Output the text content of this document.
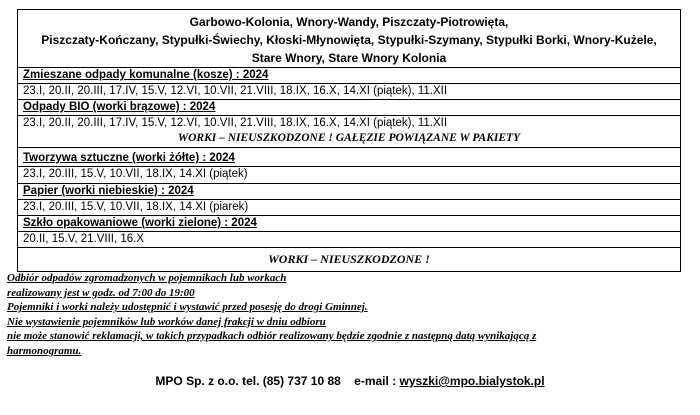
Garbowo-Kolonia, Wnory-Wandy, Piszczaty-Piotrowięta,
Piszczaty-Kończany, Stypułki-Świechy, Kłoski-Młynowięta, Stypułki-Szymany, Stypułki Borki, Wnory-Kużele,
Stare Wnory, Stare Wnory Kolonia
Zmieszane odpady komunalne (kosze) : 2024
23.I, 20.II, 20.III, 17.IV, 15.V, 12.VI, 10.VII, 21.VIII, 18.IX, 16.X, 14.XI (piątek), 11.XII
Odpady BIO (worki brązowe) : 2024
23.I, 20.II, 20.III, 17.IV, 15.V, 12.VI, 10.VII, 21.VIII, 18.IX, 16.X, 14.XI (piątek), 11.XII
WORKI – NIEUSZKODZONE ! GAŁĘZIE POWIĄZANE W PAKIETY
Tworzywa sztuczne (worki żółte) : 2024
23.I, 20.III, 15.V, 10.VII, 18.IX, 14.XI (piątek)
Papier (worki niebieskie) : 2024
23.I, 20.III, 15.V, 10.VII, 18.IX, 14.XI (piarek)
Szkło opakowaniowe (worki zielone) : 2024
20.II, 15.V, 21.VIII, 16.X
WORKI – NIEUSZKODZONE !
Odbiór odpadów zgromadzonych w pojemnikach lub workach
realizowany jest w godz. od 7:00 do 19:00
Pojemniki i worki należy udostępnić i wystawić przed posesję do drogi Gminnej.
Nie wystawienie pojemników lub worków danej frakcji w dniu odbioru
nie może stanowić reklamacji, w takich przypadkach odbiór realizowany będzie zgodnie z następną datą wynikającą z
harmonogramu.
MPO Sp. z o.o. tel. (85) 737 10 88 e-mail : wyszki@mpo.bialystok.pl
